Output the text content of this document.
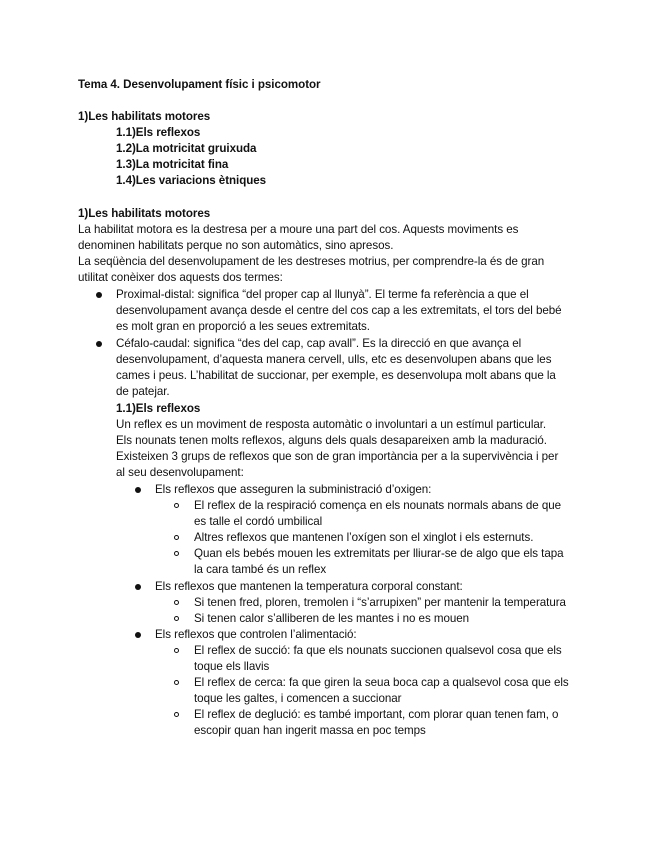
Tema 4. Desenvolupament físic i psicomotor
1)Les habilitats motores
1.1)Els reflexos
1.2)La motricitat gruixuda
1.3)La motricitat fina
1.4)Les variacions ètniques
1)Les habilitats motores
La habilitat motora es la destresa per a moure una part del cos. Aquests moviments es
denominen habilitats perque no son automàtics, sino apresos.
La seqüència del desenvolupament de les destreses motrius, per comprendre-la és de gran
utilitat conèixer dos aquests dos termes:
Proximal-distal: significa “del proper cap al llunyà”. El terme fa referència a que el
desenvolupament avança desde el centre del cos cap a les extremitats, el tors del bebé
es molt gran en proporció a les seues extremitats.
Céfalo-caudal: significa “des del cap, cap avall”. Es la direcció en que avança el
desenvolupament, d’aquesta manera cervell, ulls, etc es desenvolupen abans que les
cames i peus. L’habilitat de succionar, per exemple, es desenvolupa molt abans que la
de patejar.
1.1)Els reflexos
Un reflex es un moviment de resposta automàtic o involuntari a un estímul particular.
Els nounats tenen molts reflexos, alguns dels quals desapareixen amb la maduració.
Existeixen 3 grups de reflexos que son de gran importància per a la supervivència i per
al seu desenvolupament:
Els reflexos que asseguren la subministració d’oxigen:
El reflex de la respiració comença en els nounats normals abans de que
es talle el cordó umbilical
Altres reflexos que mantenen l’oxígen son el xinglot i els esternuts.
Quan els bebés mouen les extremitats per lliurar-se de algo que els tapa
la cara també és un reflex
Els reflexos que mantenen la temperatura corporal constant:
Si tenen fred, ploren, tremolen i “s’arrupixen” per mantenir la temperatura
Si tenen calor s’alliberen de les mantes i no es mouen
Els reflexos que controlen l’alimentació:
El reflex de succió: fa que els nounats succionen qualsevol cosa que els
toque els llavis
El reflex de cerca: fa que giren la seua boca cap a qualsevol cosa que els
toque les galtes, i comencen a succionar
El reflex de deglució: es també important, com plorar quan tenen fam, o
escopir quan han ingerit massa en poc temps
